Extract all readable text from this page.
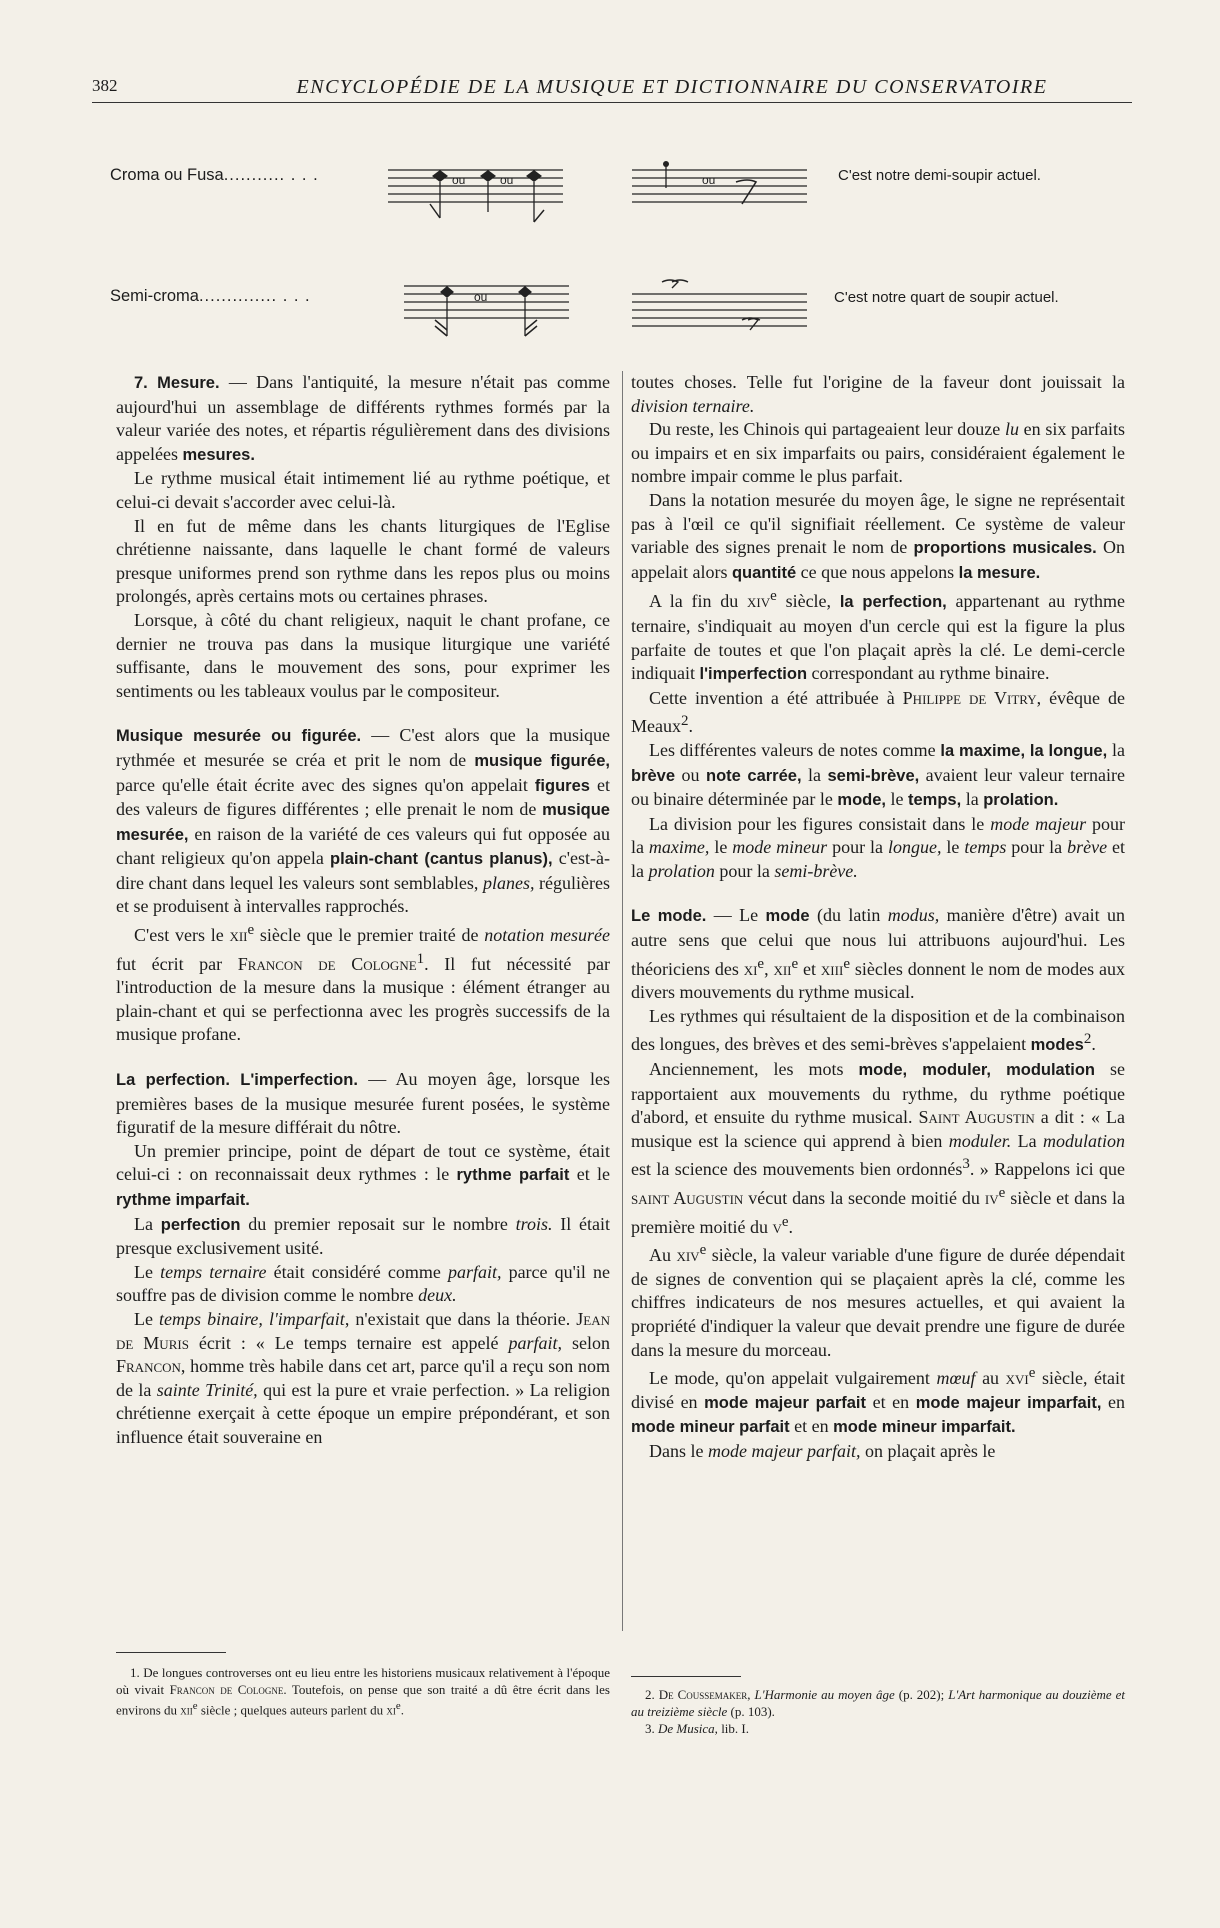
382	ENCYCLOPÉDIE DE LA MUSIQUE ET DICTIONNAIRE DU CONSERVATOIRE
Croma ou Fusa........... . . .	ou	ou	ou	C'est notre demi-soupir actuel.
Semi-croma.............. . . .	ou	C'est notre quart de soupir actuel.

7. Mesure. — Dans l'antiquité, la mesure n'était pas comme aujourd'hui un assemblage de différents rythmes formés par la valeur variée des notes, et répartis régulièrement dans des divisions appelées mesures.

Le rythme musical était intimement lié au rythme poétique, et celui-ci devait s'accorder avec celui-là.

Il en fut de même dans les chants liturgiques de l'Eglise chrétienne naissante, dans laquelle le chant formé de valeurs presque uniformes prend son rythme dans les repos plus ou moins prolongés, après certains mots ou certaines phrases.

Lorsque, à côté du chant religieux, naquit le chant profane, ce dernier ne trouva pas dans la musique liturgique une variété suffisante, dans le mouvement des sons, pour exprimer les sentiments ou les tableaux voulus par le compositeur.

Musique mesurée ou figurée. — C'est alors que la musique rythmée et mesurée se créa et prit le nom de musique figurée, parce qu'elle était écrite avec des signes qu'on appelait figures et des valeurs de figures différentes ; elle prenait le nom de musique mesurée, en raison de la variété de ces valeurs qui fut opposée au chant religieux qu'on appela plain-chant (cantus planus), c'est-à-dire chant dans lequel les valeurs sont semblables, planes, régulières et se produisent à intervalles rapprochés.

C'est vers le xii$^e$ siècle que le premier traité de notation mesurée fut écrit par Francon de Cologne$^1$. Il fut nécessité par l'introduction de la mesure dans la musique : élément étranger au plain-chant et qui se perfectionna avec les progrès successifs de la musique profane.

La perfection. L'imperfection. — Au moyen âge, lorsque les premières bases de la musique mesurée furent posées, le système figuratif de la mesure différait du nôtre.

Un premier principe, point de départ de tout ce système, était celui-ci : on reconnaissait deux rythmes : le rythme parfait et le rythme imparfait.

La perfection du premier reposait sur le nombre trois. Il était presque exclusivement usité.

Le temps ternaire était considéré comme parfait, parce qu'il ne souffre pas de division comme le nombre deux.

Le temps binaire, l'imparfait, n'existait que dans la théorie. Jean de Muris écrit : « Le temps ternaire est appelé parfait, selon Francon, homme très habile dans cet art, parce qu'il a reçu son nom de la sainte Trinité, qui est la pure et vraie perfection. » La religion chrétienne exerçait à cette époque un empire prépondérant, et son influence était souveraine en

toutes choses. Telle fut l'origine de la faveur dont jouissait la division ternaire.

Du reste, les Chinois qui partageaient leur douze lu en six parfaits ou impairs et en six imparfaits ou pairs, considéraient également le nombre impair comme le plus parfait.

Dans la notation mesurée du moyen âge, le signe ne représentait pas à l'œil ce qu'il signifiait réellement. Ce système de valeur variable des signes prenait le nom de proportions musicales. On appelait alors quantité ce que nous appelons la mesure.

A la fin du xiv$^e$ siècle, la perfection, appartenant au rythme ternaire, s'indiquait au moyen d'un cercle qui est la figure la plus parfaite de toutes et que l'on plaçait après la clé. Le demi-cercle indiquait l'imperfection correspondant au rythme binaire.

Cette invention a été attribuée à Philippe de Vitry, évêque de Meaux$^2$.

Les différentes valeurs de notes comme la maxime, la longue, la brève ou note carrée, la semi-brève, avaient leur valeur ternaire ou binaire déterminée par le mode, le temps, la prolation.

La division pour les figures consistait dans le mode majeur pour la maxime, le mode mineur pour la longue, le temps pour la brève et la prolation pour la semi-brève.

Le mode. — Le mode (du latin modus, manière d'être) avait un autre sens que celui que nous lui attribuons aujourd'hui. Les théoriciens des $xi^e$, xii$^e$ et xiii$^e$ siècles donnent le nom de modes aux divers mouvements du rythme musical.

Les rythmes qui résultaient de la disposition et de la combinaison des longues, des brèves et des semi-brèves s'appelaient modes$^2$.

Anciennement, les mots mode, moduler, modulation se rapportaient aux mouvements du rythme, du rythme poétique d'abord, et ensuite du rythme musical. Saint Augustin a dit : « La musique est la science qui apprend à bien moduler. La modulation est la science des mouvements bien ordonnés$^3$. » Rappelons ici que saint Augustin vécut dans la seconde moitié du $iv^e$ siècle et dans la première moitié du $v^e$.

Au xiv$^e$ siècle, la valeur variable d'une figure de durée dépendait de signes de convention qui se plaçaient après la clé, comme les chiffres indicateurs de nos mesures actuelles, et qui avaient la propriété d'indiquer la valeur que devait prendre une figure de durée dans la mesure du morceau.

Le mode, qu'on appelait vulgairement mœuf au xvi$^e$ siècle, était divisé en mode majeur parfait et en mode majeur imparfait, en mode mineur parfait et en mode mineur imparfait.

Dans le mode majeur parfait, on plaçait après le

1. De longues controverses ont eu lieu entre les historiens musicaux relativement à l'époque où vivait Francon de Cologne. Toutefois, on pense que son traité a dû être écrit dans les environs du xii$^e$ siècle ; quelques auteurs parlent du $xi^e$.

2. De Coussemaker, L'Harmonie au moyen âge (p. 202); L'Art harmonique au douzième et au treizième siècle (p. 103).

3. De Musica, lib. I.
